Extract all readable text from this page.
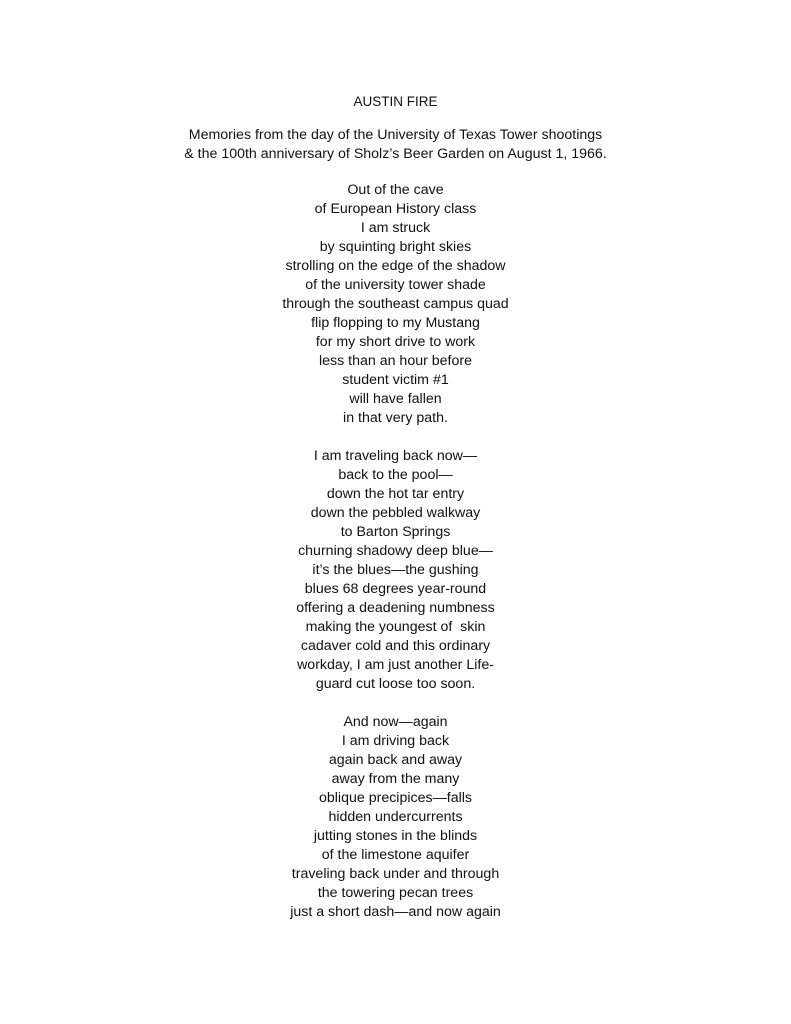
AUSTIN FIRE
Memories from the day of the University of Texas Tower shootings
& the 100th anniversary of Sholz’s Beer Garden on August 1, 1966.
Out of the cave
of European History class
I am struck
by squinting bright skies
strolling on the edge of the shadow
of the university tower shade
through the southeast campus quad
flip flopping to my Mustang
for my short drive to work
less than an hour before
student victim #1
will have fallen
in that very path.
I am traveling back now—
back to the pool—
down the hot tar entry
down the pebbled walkway
to Barton Springs
churning shadowy deep blue—
it’s the blues—the gushing
blues 68 degrees year-round
offering a deadening numbness
making the youngest of  skin
cadaver cold and this ordinary
workday, I am just another Life-
guard cut loose too soon.
And now—again
I am driving back
again back and away
away from the many
oblique precipices—falls
hidden undercurrents
jutting stones in the blinds
of the limestone aquifer
traveling back under and through
the towering pecan trees
just a short dash—and now again
